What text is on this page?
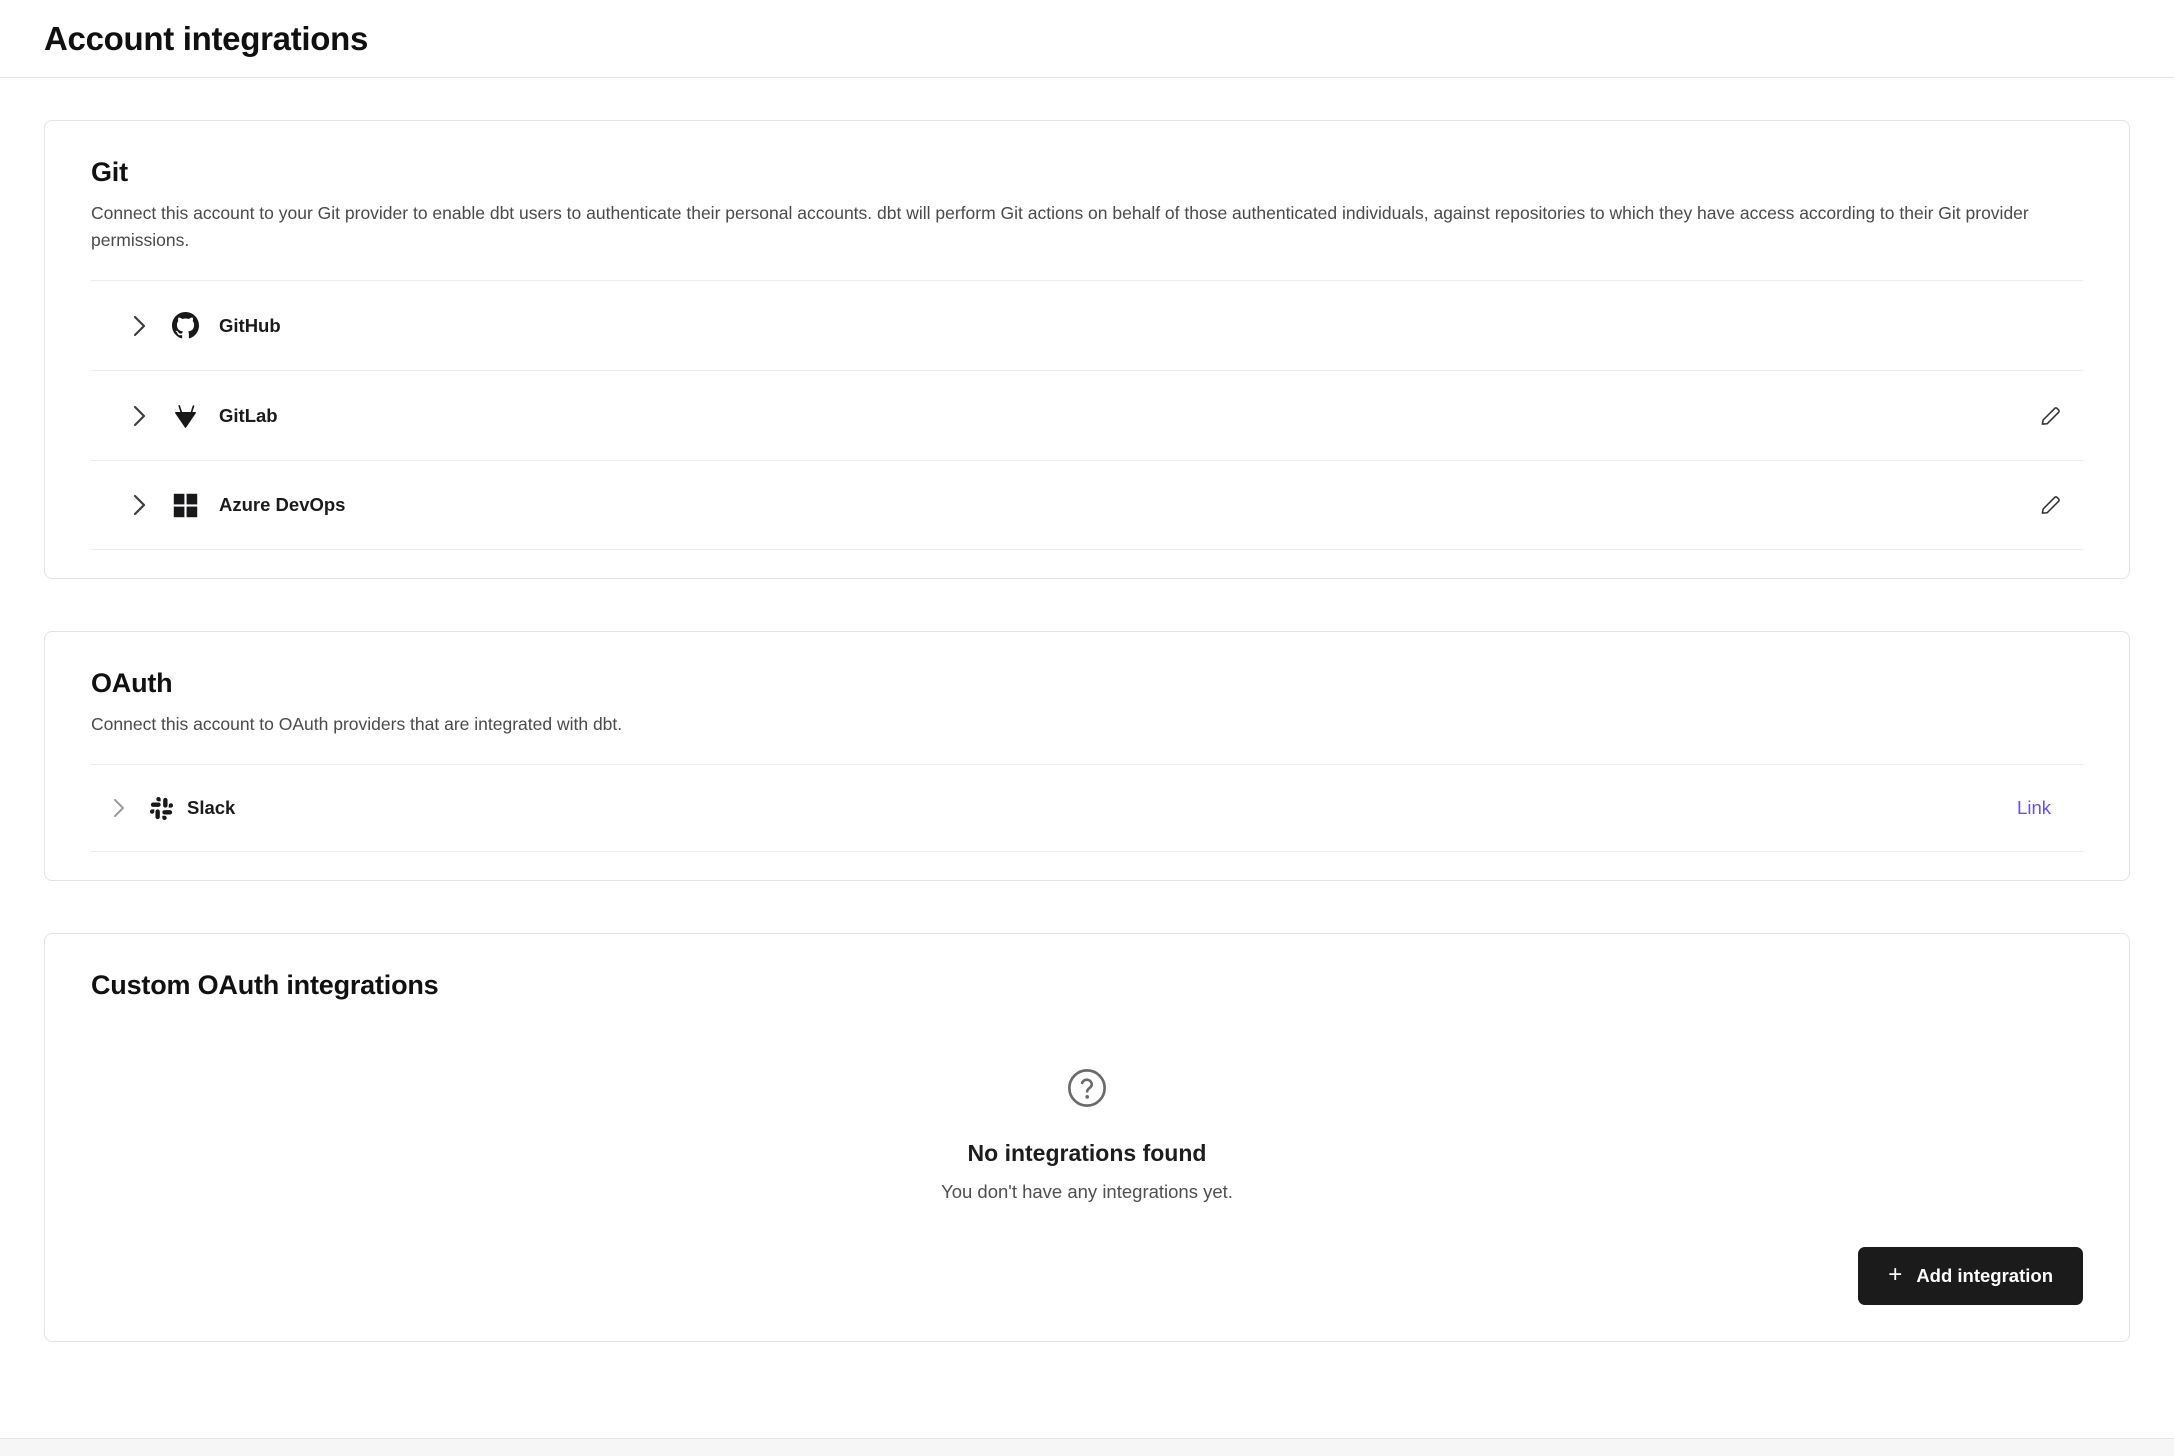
Account integrations
Git

Connect this account to your Git provider to enable dbt users to authenticate their personal accounts. dbt will perform Git actions on behalf of those authenticated individuals, against repositories to which they have access according to their Git provider permissions.

GitHub
GitLab
Azure DevOps
OAuth

Connect this account to OAuth providers that are integrated with dbt.

Slack	Link
Custom OAuth integrations
No integrations found
You don't have any integrations yet.
+ Add integration
